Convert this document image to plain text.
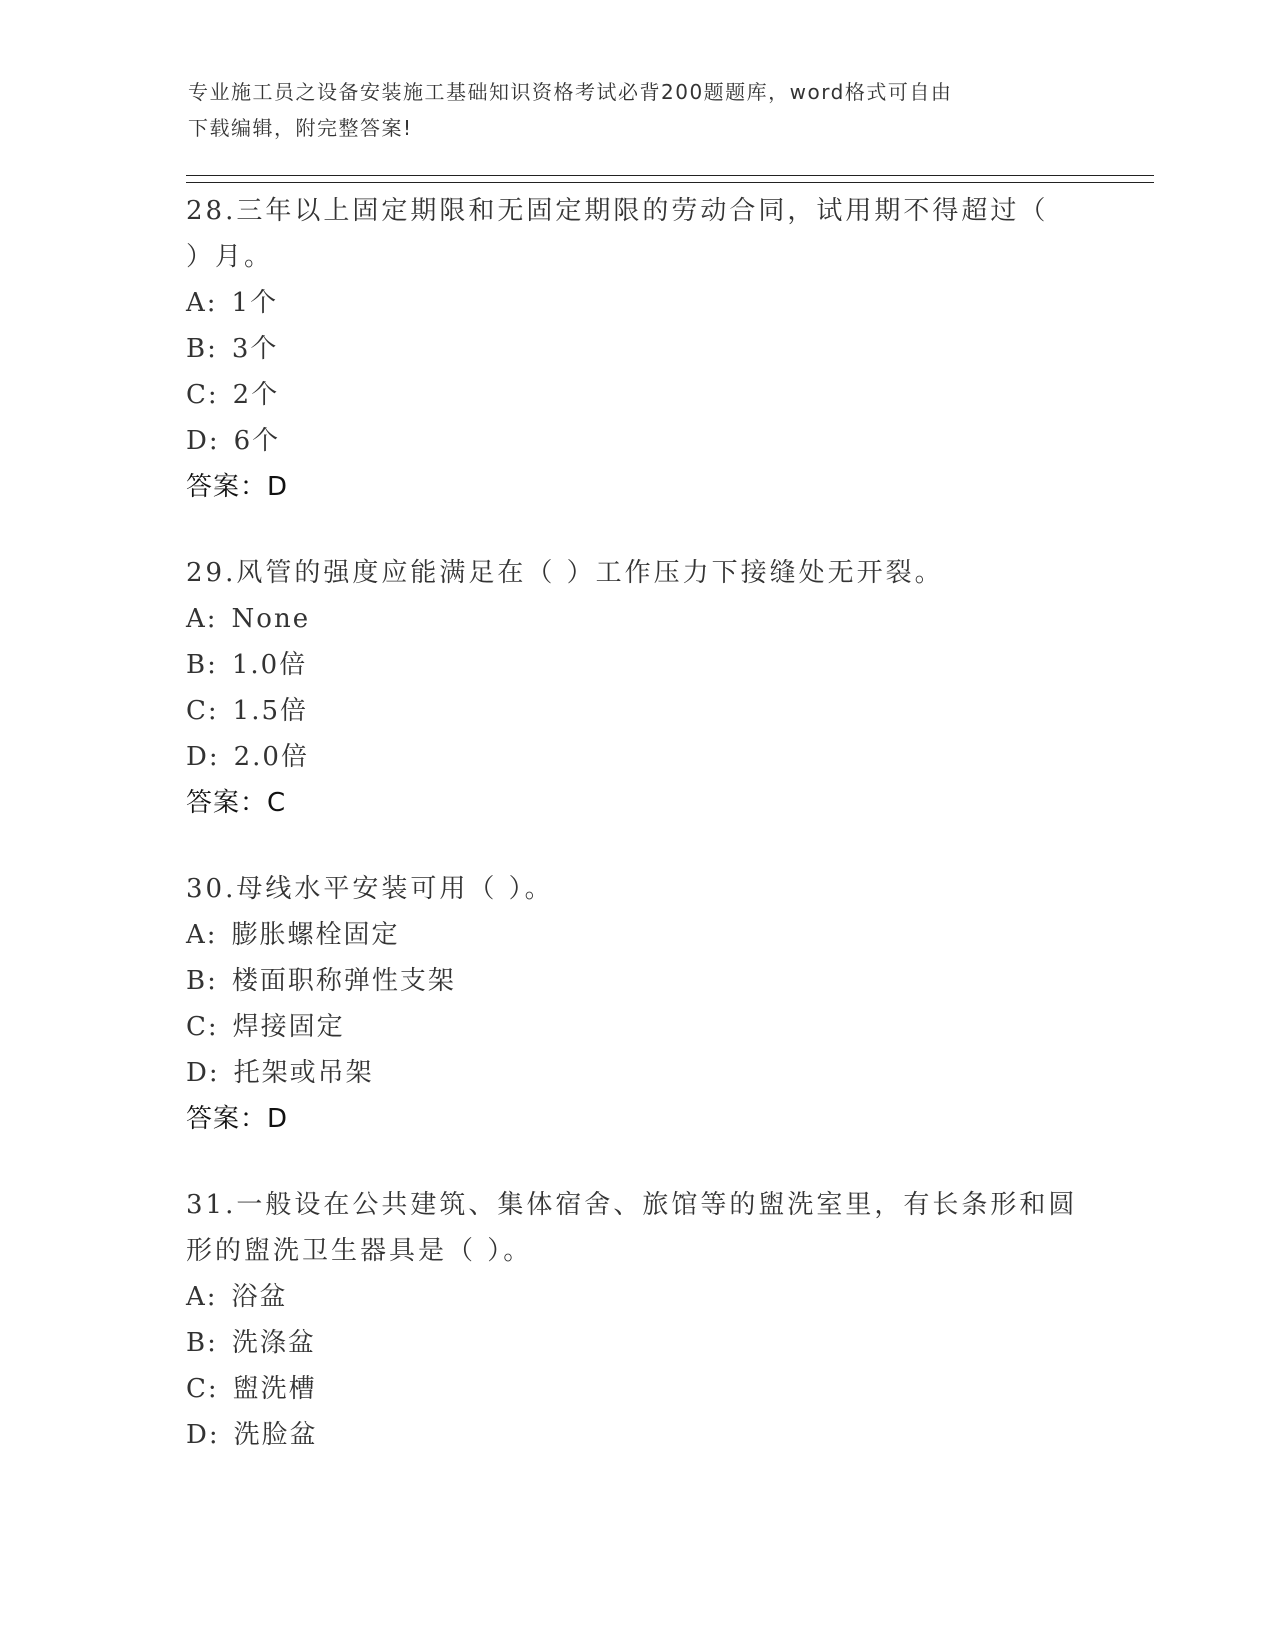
专业施工员之设备安装施工基础知识资格考试必背200题题库，word格式可自由
下载编辑，附完整答案!
28.三年以上固定期限和无固定期限的劳动合同，试用期不得超过（
）月。
A: 1个
B: 3个
C: 2个
D: 6个
答案：D
29.风管的强度应能满足在（ ）工作压力下接缝处无开裂。
A: None
B: 1.0倍
C: 1.5倍
D: 2.0倍
答案：C
30.母线水平安装可用（ ）。
A: 膨胀螺栓固定
B: 楼面职称弹性支架
C: 焊接固定
D: 托架或吊架
答案：D
31.一般设在公共建筑、集体宿舍、旅馆等的盥洗室里，有长条形和圆
形的盥洗卫生器具是（ ）。
A: 浴盆
B: 洗涤盆
C: 盥洗槽
D: 洗脸盆
